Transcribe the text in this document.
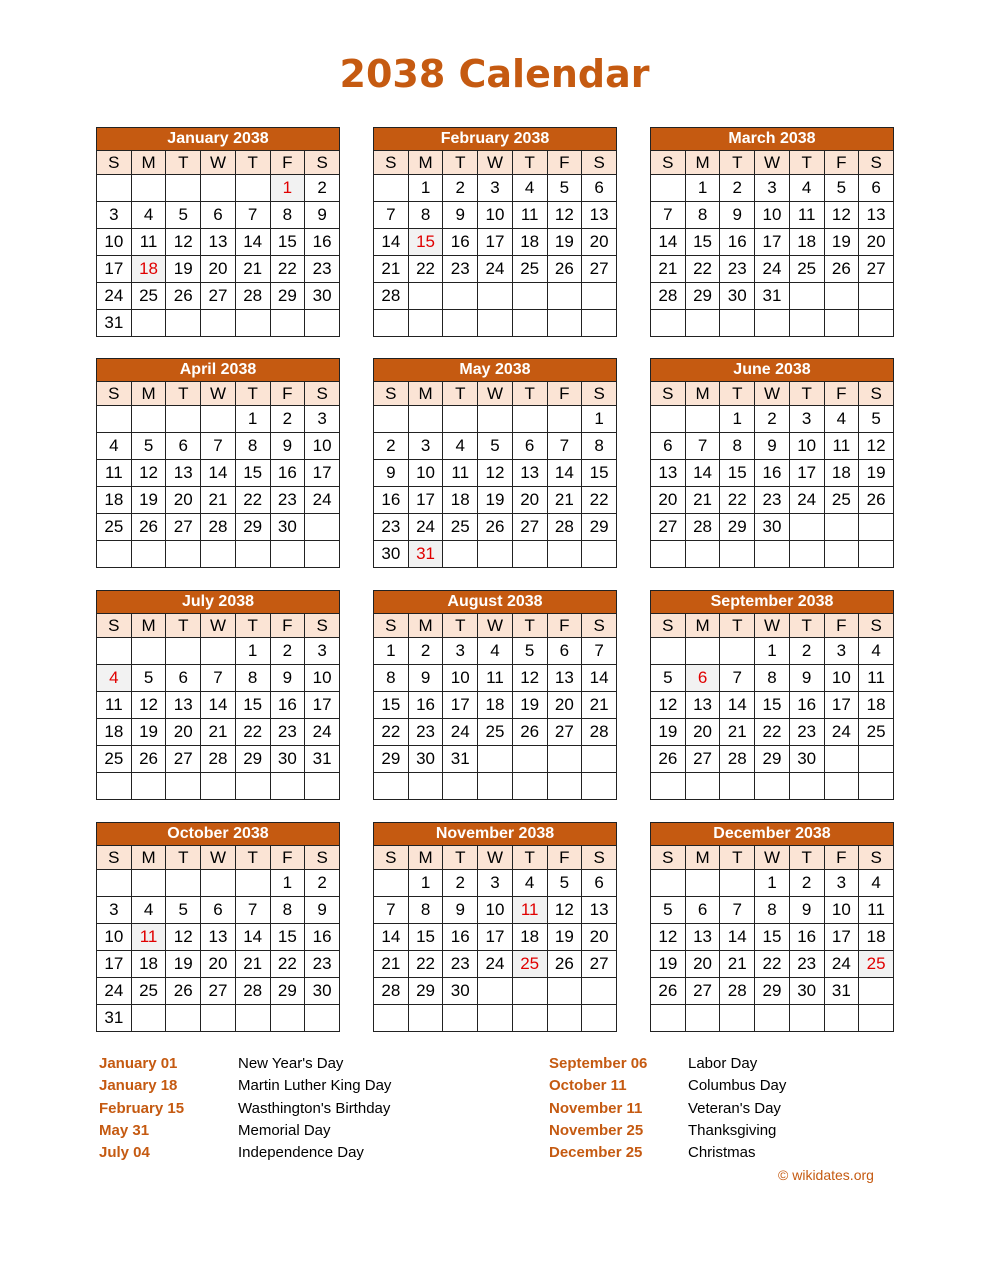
2038 Calendar
January 2038						
S	M	T	W	T	F	S
					1	2
3	4	5	6	7	8	9
10	11	12	13	14	15	16
17	18	19	20	21	22	23
24	25	26	27	28	29	30
31						
February 2038						
S	M	T	W	T	F	S
	1	2	3	4	5	6
7	8	9	10	11	12	13
14	15	16	17	18	19	20
21	22	23	24	25	26	27
28						

March 2038						
S	M	T	W	T	F	S
	1	2	3	4	5	6
7	8	9	10	11	12	13
14	15	16	17	18	19	20
21	22	23	24	25	26	27
28	29	30	31			

April 2038						
S	M	T	W	T	F	S
				1	2	3
4	5	6	7	8	9	10
11	12	13	14	15	16	17
18	19	20	21	22	23	24
25	26	27	28	29	30	

May 2038						
S	M	T	W	T	F	S
						1
2	3	4	5	6	7	8
9	10	11	12	13	14	15
16	17	18	19	20	21	22
23	24	25	26	27	28	29
30	31					
June 2038						
S	M	T	W	T	F	S
		1	2	3	4	5
6	7	8	9	10	11	12
13	14	15	16	17	18	19
20	21	22	23	24	25	26
27	28	29	30			

July 2038						
S	M	T	W	T	F	S
				1	2	3
4	5	6	7	8	9	10
11	12	13	14	15	16	17
18	19	20	21	22	23	24
25	26	27	28	29	30	31

August 2038						
S	M	T	W	T	F	S
1	2	3	4	5	6	7
8	9	10	11	12	13	14
15	16	17	18	19	20	21
22	23	24	25	26	27	28
29	30	31				

September 2038						
S	M	T	W	T	F	S
			1	2	3	4
5	6	7	8	9	10	11
12	13	14	15	16	17	18
19	20	21	22	23	24	25
26	27	28	29	30		

October 2038						
S	M	T	W	T	F	S
					1	2
3	4	5	6	7	8	9
10	11	12	13	14	15	16
17	18	19	20	21	22	23
24	25	26	27	28	29	30
31						
November 2038						
S	M	T	W	T	F	S
	1	2	3	4	5	6
7	8	9	10	11	12	13
14	15	16	17	18	19	20
21	22	23	24	25	26	27
28	29	30				

December 2038						
S	M	T	W	T	F	S
			1	2	3	4
5	6	7	8	9	10	11
12	13	14	15	16	17	18
19	20	21	22	23	24	25
26	27	28	29	30	31	

January 01	New Year's Day
January 18	Martin Luther King Day
February 15	Wasthington's Birthday
May 31	Memorial Day
July 04	Independence Day
September 06	Labor Day
October 11	Columbus Day
November 11	Veteran's Day
November 25	Thanksgiving
December 25	Christmas
© wikidates.org
